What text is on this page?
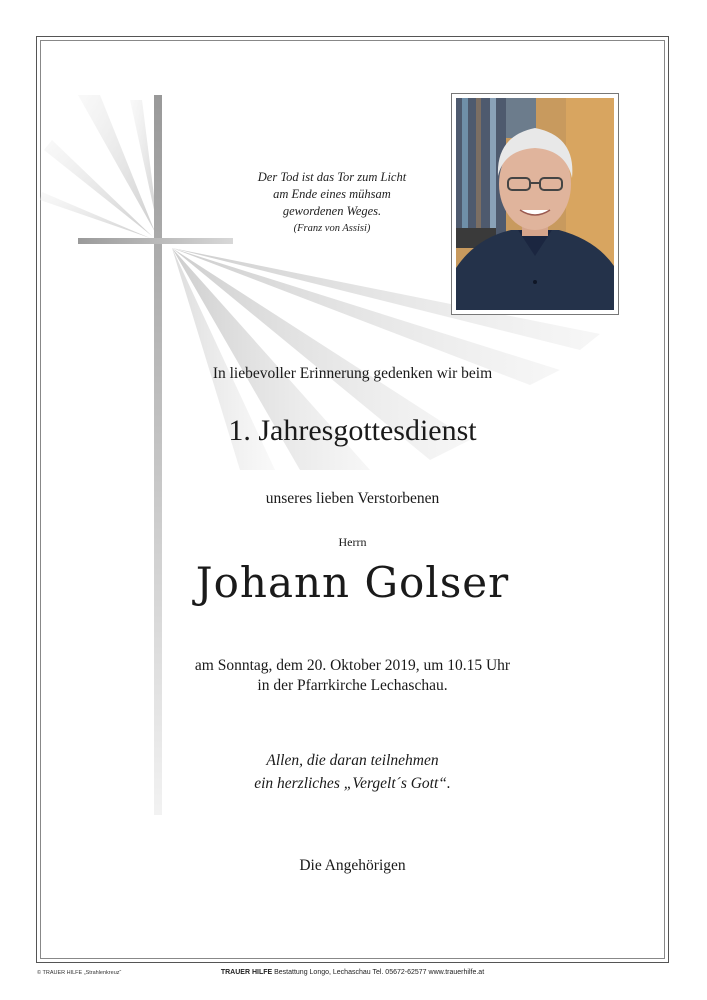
Der Tod ist das Tor zum Licht
am Ende eines mühsam
gewordenen Weges.
(Franz von Assisi)
In liebevoller Erinnerung gedenken wir beim
1. Jahresgottesdienst
unseres lieben Verstorbenen
Herrn
Johann Golser
am Sonntag, dem 20. Oktober 2019, um 10.15 Uhr
in der Pfarrkirche Lechaschau.
Allen, die daran teilnehmen
ein herzliches „Vergelt´s Gott“.
Die Angehörigen
© TRAUER HILFE „Strahlenkreuz“	TRAUER HILFE Bestattung Longo, Lechaschau Tel. 05672-62577 www.trauerhilfe.at
